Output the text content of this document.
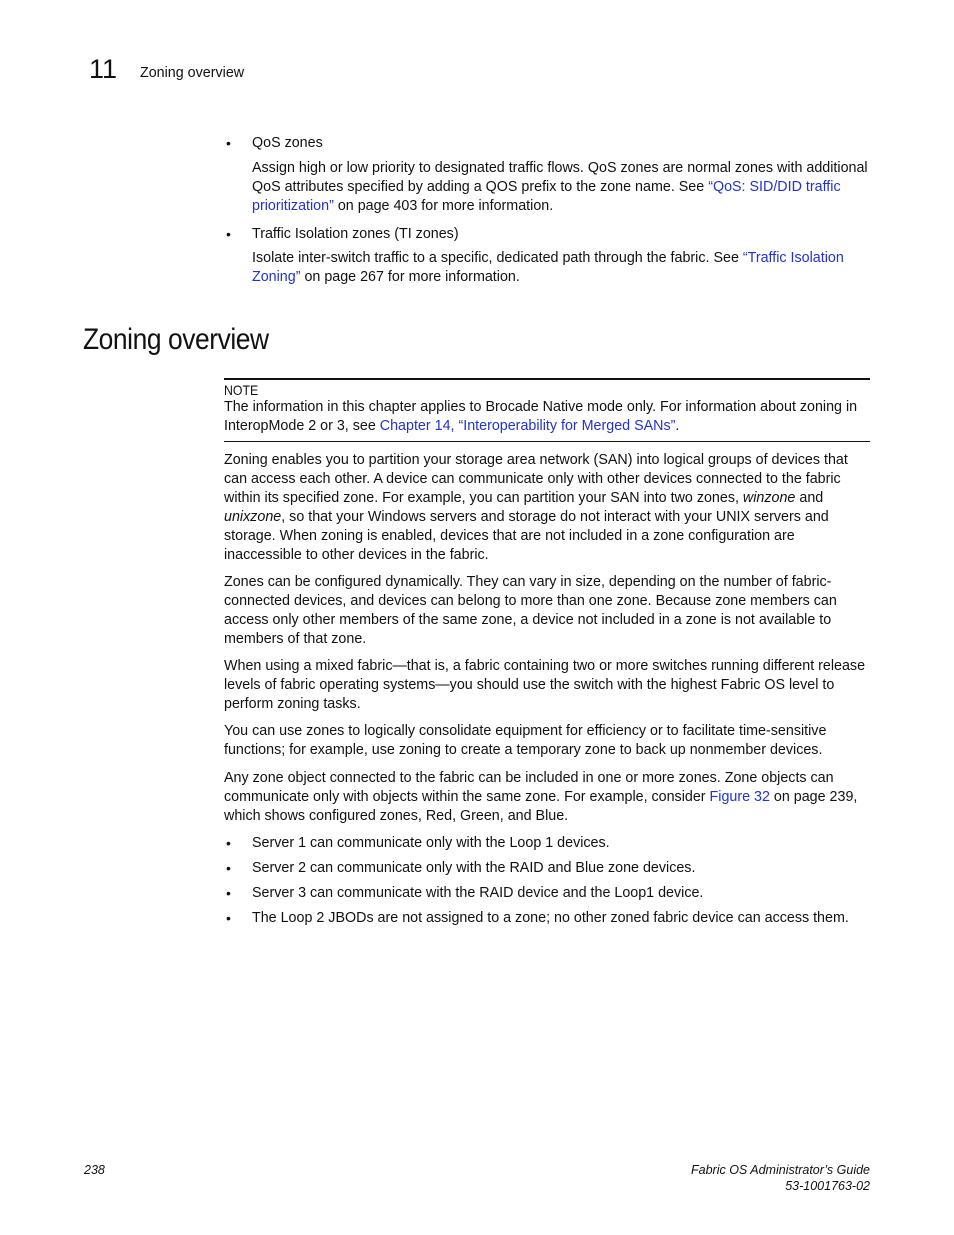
11 Zoning overview
• QoS zones
Assign high or low priority to designated traffic flows. QoS zones are normal zones with additional QoS attributes specified by adding a QOS prefix to the zone name. See “QoS: SID/DID traffic prioritization” on page 403 for more information.
• Traffic Isolation zones (TI zones)
Isolate inter-switch traffic to a specific, dedicated path through the fabric. See “Traffic Isolation Zoning” on page 267 for more information.
Zoning overview
NOTE

The information in this chapter applies to Brocade Native mode only. For information about zoning in InteropMode 2 or 3, see Chapter 14, “Interoperability for Merged SANs”.

Zoning enables you to partition your storage area network (SAN) into logical groups of devices that can access each other. A device can communicate only with other devices connected to the fabric within its specified zone. For example, you can partition your SAN into two zones, winzone and unixzone, so that your Windows servers and storage do not interact with your UNIX servers and storage. When zoning is enabled, devices that are not included in a zone configuration are inaccessible to other devices in the fabric.

Zones can be configured dynamically. They can vary in size, depending on the number of fabric-connected devices, and devices can belong to more than one zone. Because zone members can access only other members of the same zone, a device not included in a zone is not available to members of that zone.

When using a mixed fabric—that is, a fabric containing two or more switches running different release levels of fabric operating systems—you should use the switch with the highest Fabric OS level to perform zoning tasks.

You can use zones to logically consolidate equipment for efficiency or to facilitate time-sensitive functions; for example, use zoning to create a temporary zone to back up nonmember devices.

Any zone object connected to the fabric can be included in one or more zones. Zone objects can communicate only with objects within the same zone. For example, consider Figure 32 on page 239, which shows configured zones, Red, Green, and Blue.

• Server 1 can communicate only with the Loop 1 devices.
• Server 2 can communicate only with the RAID and Blue zone devices.
• Server 3 can communicate with the RAID device and the Loop1 device.
• The Loop 2 JBODs are not assigned to a zone; no other zoned fabric device can access them.
238	Fabric OS Administrator’s Guide
53-1001763-02
